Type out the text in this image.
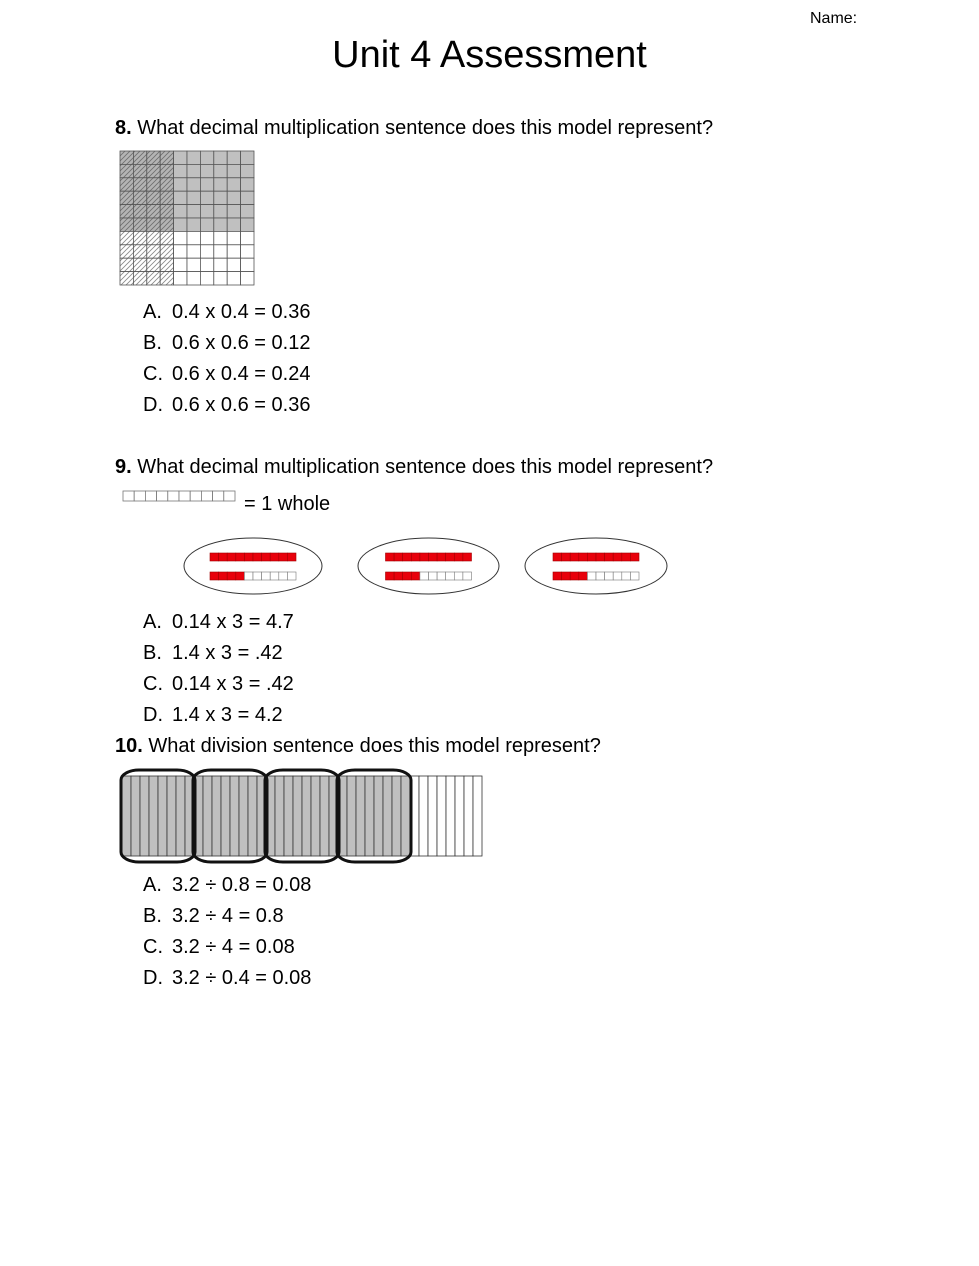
Name:
Unit 4 Assessment
8. What decimal multiplication sentence does this model represent?
A. 0.4 x 0.4 = 0.36
B. 0.6 x 0.6 = 0.12
C. 0.6 x 0.4 = 0.24
D. 0.6 x 0.6 = 0.36
9. What decimal multiplication sentence does this model represent?
= 1 whole
A. 0.14 x 3 = 4.7
B. 1.4 x 3 = .42
C. 0.14 x 3 = .42
D. 1.4 x 3 = 4.2
10. What division sentence does this model represent?
A. 3.2 ÷ 0.8 = 0.08
B. 3.2 ÷ 4 = 0.8
C. 3.2 ÷ 4 = 0.08
D. 3.2 ÷ 0.4 = 0.08
